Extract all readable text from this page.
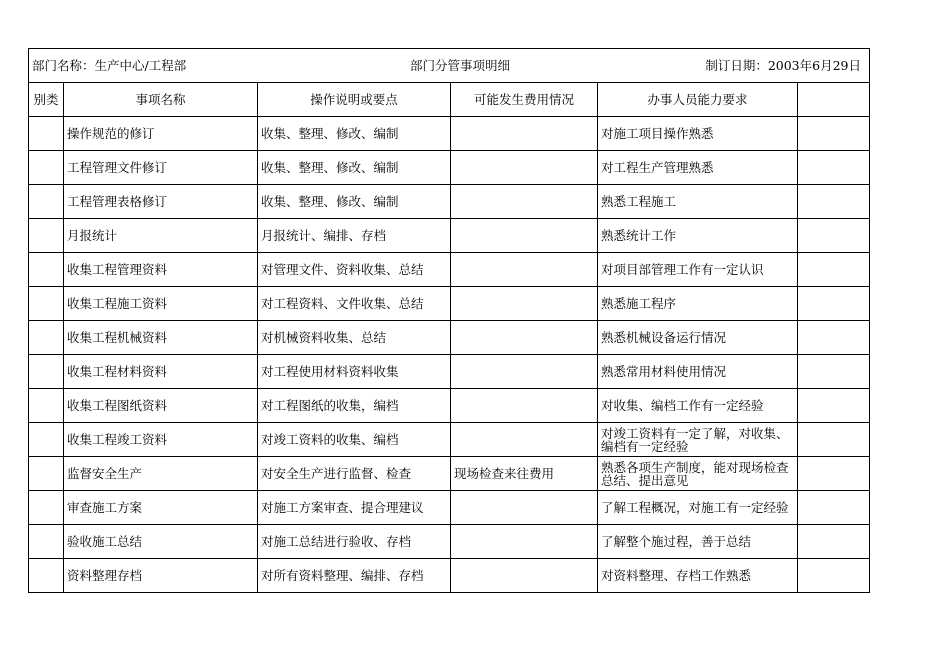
部门名称：生产中心/工程部 部门分管事项明细 制订日期：2003年6月29日					

别类	事项名称	操作说明或要点	可能发生费用情况	办事人员能力要求	
	操作规范的修订	收集、整理、修改、编制		对施工项目操作熟悉	
	工程管理文件修订	收集、整理、修改、编制		对工程生产管理熟悉	
	工程管理表格修订	收集、整理、修改、编制		熟悉工程施工	
	月报统计	月报统计、编排、存档		熟悉统计工作	
	收集工程管理资料	对管理文件、资料收集、总结		对项目部管理工作有一定认识	
	收集工程施工资料	对工程资料、文件收集、总结		熟悉施工程序	
	收集工程机械资料	对机械资料收集、总结		熟悉机械设备运行情况	
	收集工程材料资料	对工程使用材料资料收集		熟悉常用材料使用情况	
	收集工程图纸资料	对工程图纸的收集，编档		对收集、编档工作有一定经验	
	收集工程竣工资料	对竣工资料的收集、编档		对竣工资料有一定了解，对收集、编档有一定经验	
	监督安全生产	对安全生产进行监督、检查	现场检查来往费用	熟悉各项生产制度，能对现场检查总结、提出意见	
	审查施工方案	对施工方案审查、提合理建议		了解工程概况，对施工有一定经验	
	验收施工总结	对施工总结进行验收、存档		了解整个施过程，善于总结	
	资料整理存档	对所有资料整理、编排、存档		对资料整理、存档工作熟悉	
